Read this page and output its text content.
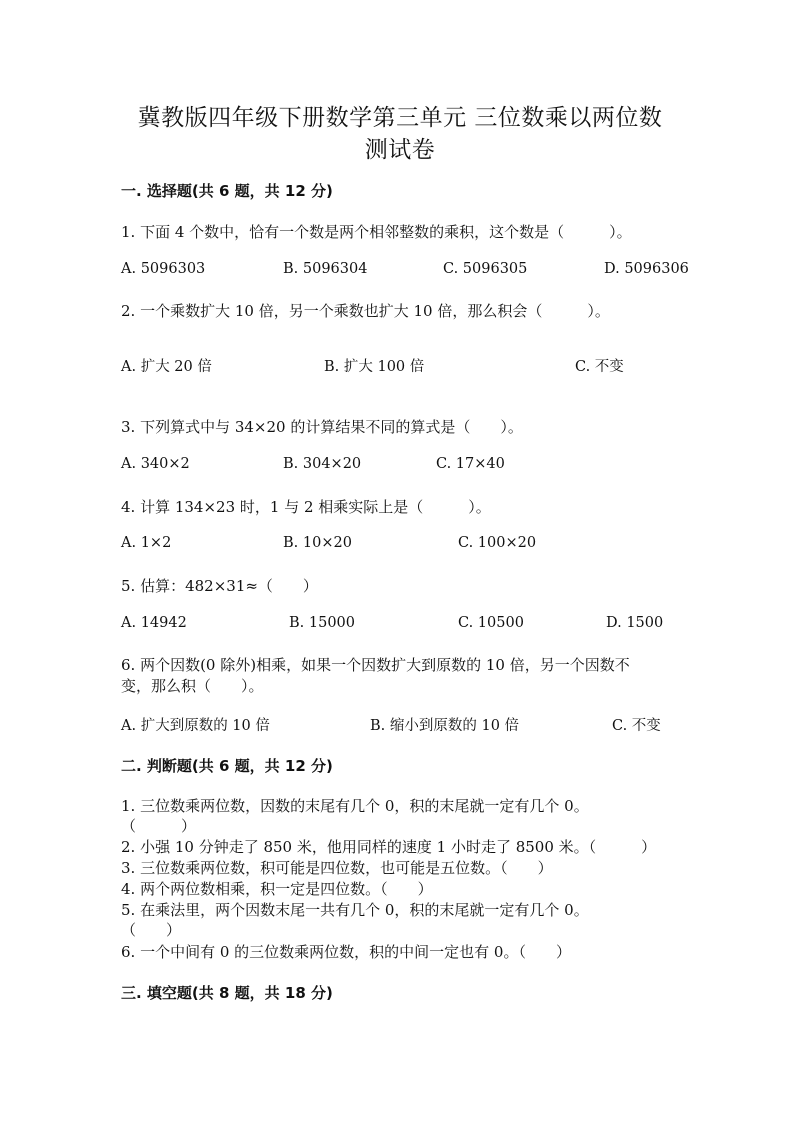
冀教版四年级下册数学第三单元 三位数乘以两位数
测试卷
一. 选择题(共 6 题，共 12 分)
1. 下面 4 个数中，恰有一个数是两个相邻整数的乘积，这个数是（　　　）。
A. 5096303	B. 5096304	C. 5096305	D. 5096306
2. 一个乘数扩大 10 倍，另一个乘数也扩大 10 倍，那么积会（　　　）。
A. 扩大 20 倍	B. 扩大 100 倍	C. 不变
3. 下列算式中与 34×20 的计算结果不同的算式是（　　）。
A. 340×2	B. 304×20	C. 17×40
4. 计算 134×23 时，1 与 2 相乘实际上是（　　　）。
A. 1×2	B. 10×20	C. 100×20
5. 估算：482×31≈（　　）
A. 14942	B. 15000	C. 10500	D. 1500
6. 两个因数(0 除外)相乘，如果一个因数扩大到原数的 10 倍，另一个因数不
变，那么积（　　）。
A. 扩大到原数的 10 倍	B. 缩小到原数的 10 倍	C. 不变
二. 判断题(共 6 题，共 12 分)
1. 三位数乘两位数，因数的末尾有几个 0，积的末尾就一定有几个 0。
（　　　）
2. 小强 10 分钟走了 850 米，他用同样的速度 1 小时走了 8500 米。（　　　）
3. 三位数乘两位数，积可能是四位数，也可能是五位数。（　　）
4. 两个两位数相乘，积一定是四位数。（　　）
5. 在乘法里，两个因数末尾一共有几个 0，积的末尾就一定有几个 0。
（　　）
6. 一个中间有 0 的三位数乘两位数，积的中间一定也有 0。（　　）
三. 填空题(共 8 题，共 18 分)
